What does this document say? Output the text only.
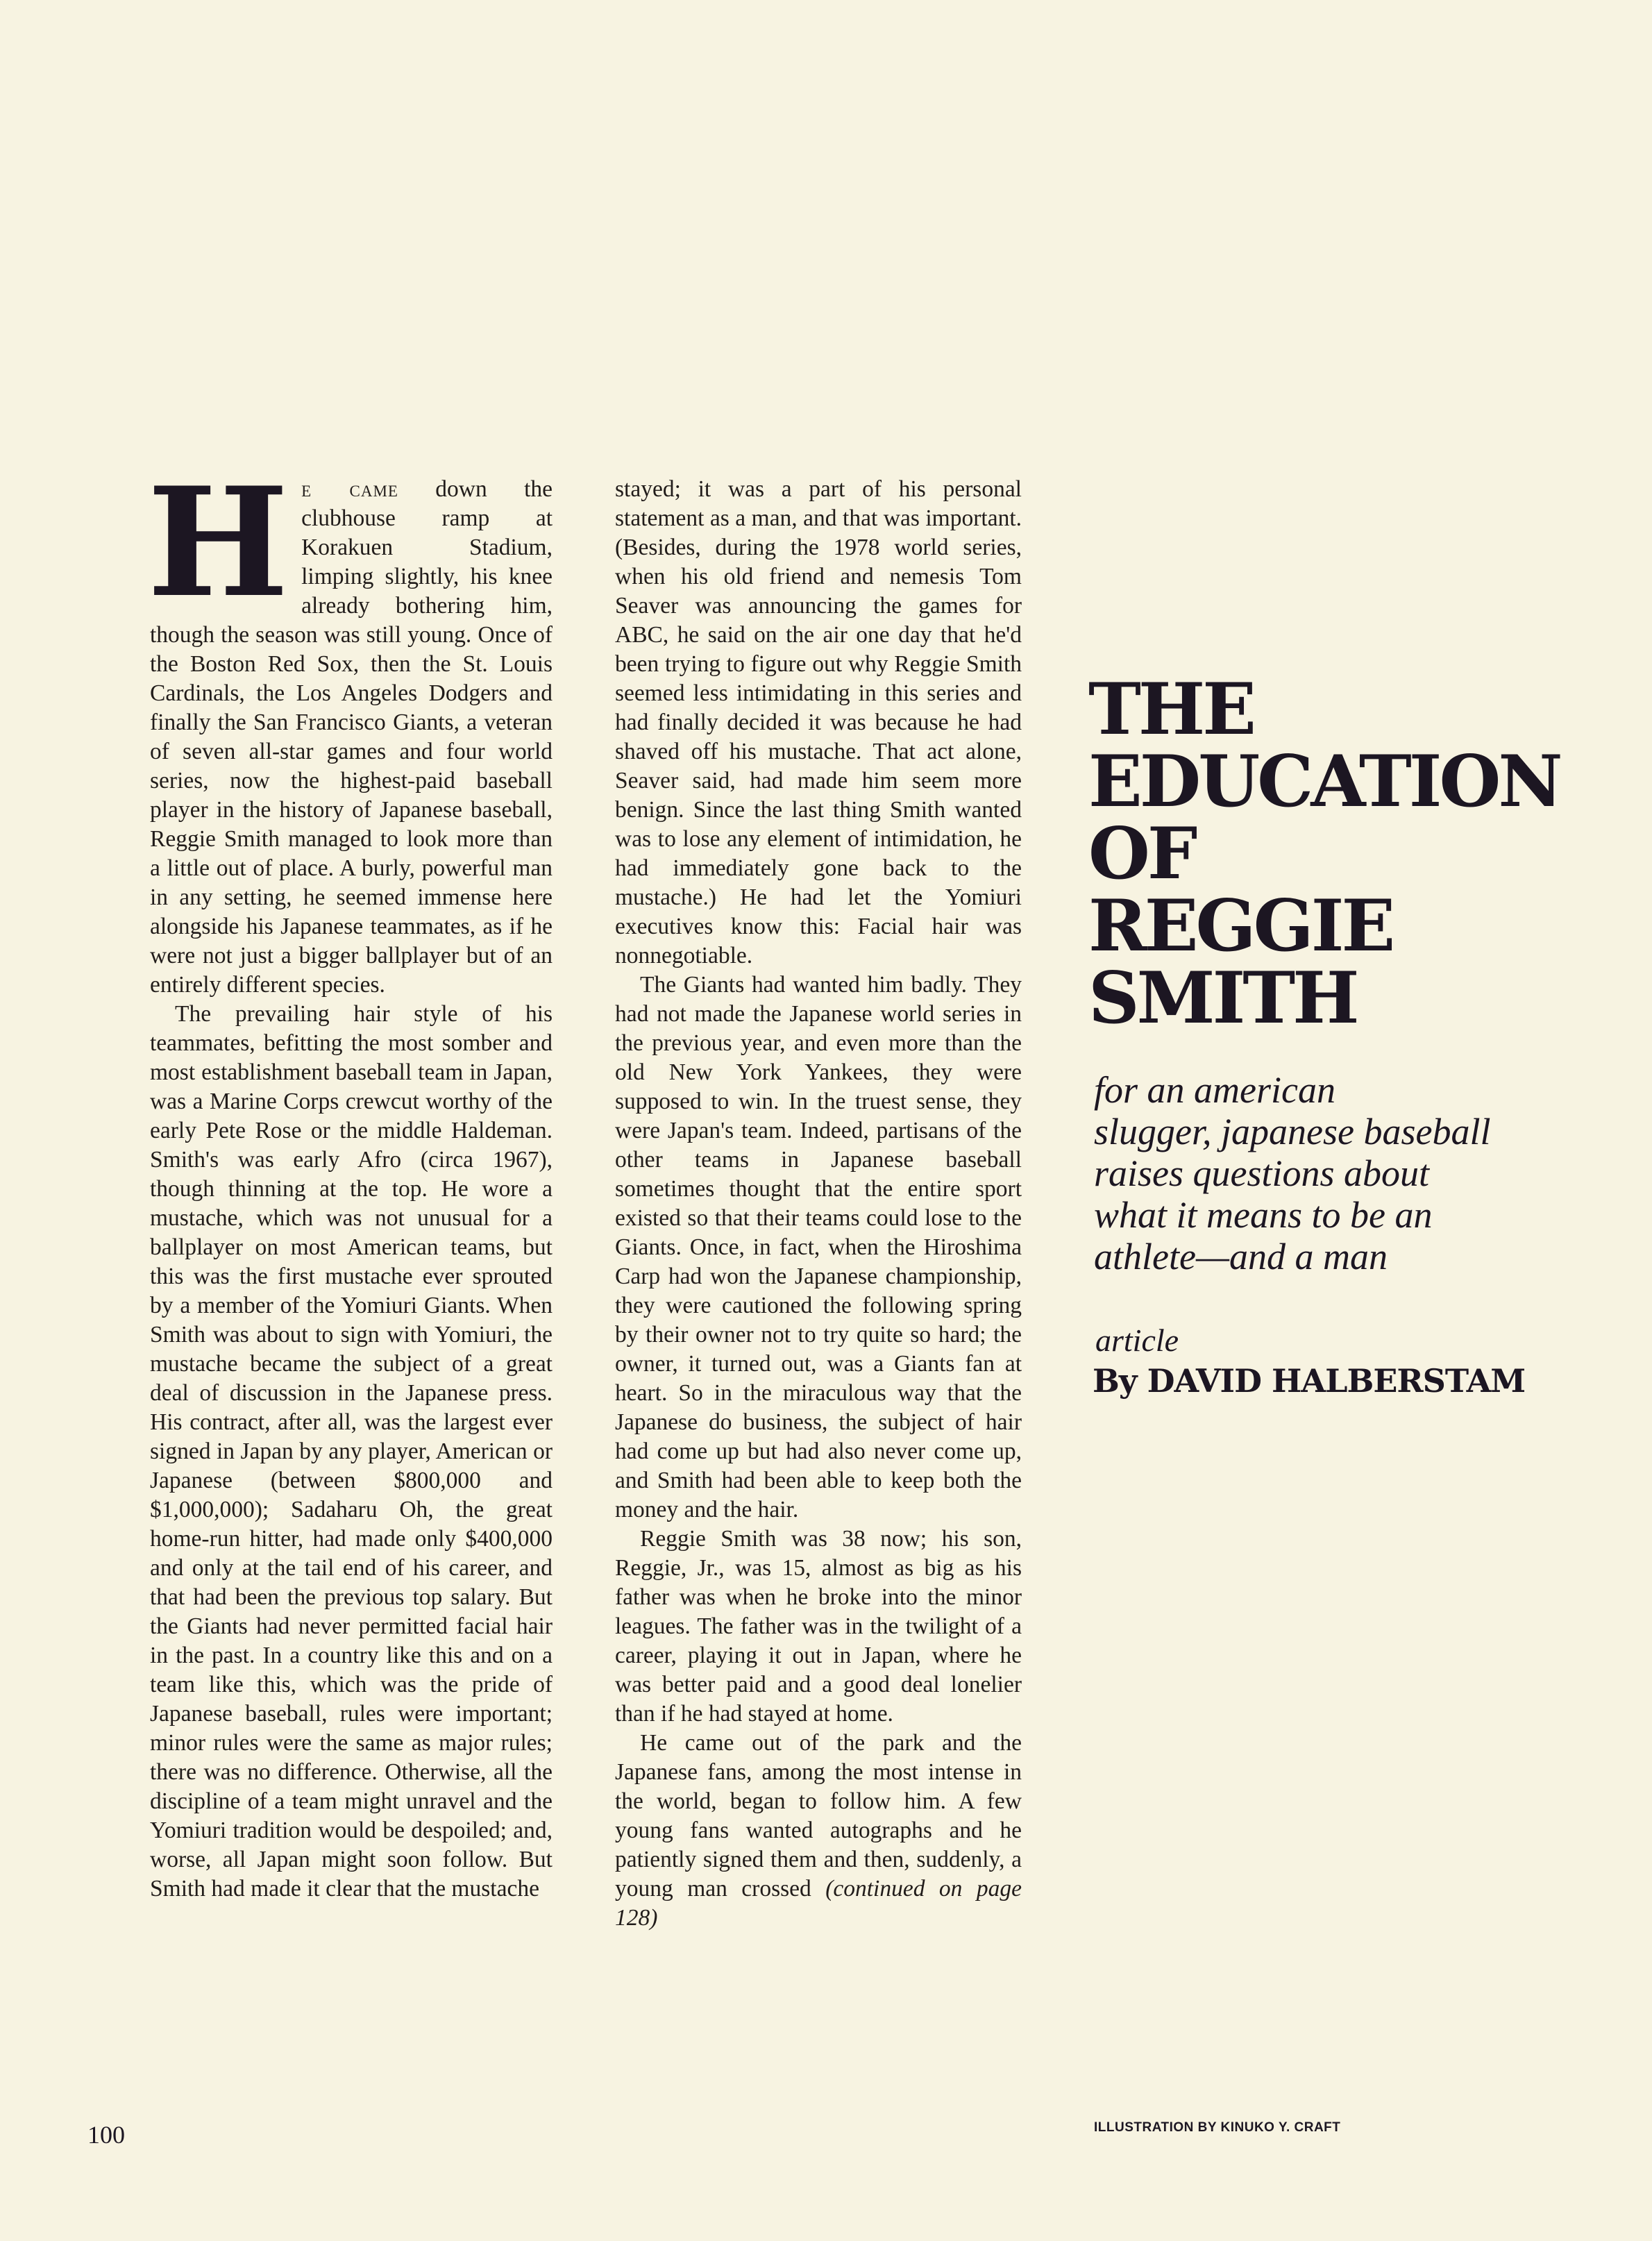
He came down the clubhouse ramp at Korakuen Stadium, limping slightly, his knee already bothering him, though the season was still young. Once of the Boston Red Sox, then the St. Louis Cardinals, the Los Angeles Dodgers and finally the San Francisco Giants, a veteran of seven all-star games and four world series, now the highest-paid baseball player in the history of Japanese baseball, Reggie Smith managed to look more than a little out of place. A burly, powerful man in any setting, he seemed immense here alongside his Japanese teammates, as if he were not just a bigger ballplayer but of an entirely different species.

The prevailing hair style of his teammates, befitting the most somber and most establishment baseball team in Japan, was a Marine Corps crewcut worthy of the early Pete Rose or the middle Haldeman. Smith's was early Afro (circa 1967), though thinning at the top. He wore a mustache, which was not unusual for a ballplayer on most American teams, but this was the first mustache ever sprouted by a member of the Yomiuri Giants. When Smith was about to sign with Yomiuri, the mustache became the subject of a great deal of discussion in the Japanese press. His contract, after all, was the largest ever signed in Japan by any player, American or Japanese (between $800,000 and $1,000,000); Sadaharu Oh, the great home-run hitter, had made only $400,000 and only at the tail end of his career, and that had been the previous top salary. But the Giants had never permitted facial hair in the past. In a country like this and on a team like this, which was the pride of Japanese baseball, rules were important; minor rules were the same as major rules; there was no difference. Otherwise, all the discipline of a team might unravel and the Yomiuri tradition would be despoiled; and, worse, all Japan might soon follow. But Smith had made it clear that the mustache

stayed; it was a part of his personal statement as a man, and that was important. (Besides, during the 1978 world series, when his old friend and nemesis Tom Seaver was announcing the games for ABC, he said on the air one day that he'd been trying to figure out why Reggie Smith seemed less intimidating in this series and had finally decided it was because he had shaved off his mustache. That act alone, Seaver said, had made him seem more benign. Since the last thing Smith wanted was to lose any element of intimidation, he had immediately gone back to the mustache.) He had let the Yomiuri executives know this: Facial hair was nonnegotiable.

The Giants had wanted him badly. They had not made the Japanese world series in the previous year, and even more than the old New York Yankees, they were supposed to win. In the truest sense, they were Japan's team. Indeed, partisans of the other teams in Japanese baseball sometimes thought that the entire sport existed so that their teams could lose to the Giants. Once, in fact, when the Hiroshima Carp had won the Japanese championship, they were cautioned the following spring by their owner not to try quite so hard; the owner, it turned out, was a Giants fan at heart. So in the miraculous way that the Japanese do business, the subject of hair had come up but had also never come up, and Smith had been able to keep both the money and the hair.

Reggie Smith was 38 now; his son, Reggie, Jr., was 15, almost as big as his father was when he broke into the minor leagues. The father was in the twilight of a career, playing it out in Japan, where he was better paid and a good deal lonelier than if he had stayed at home.

He came out of the park and the Japanese fans, among the most intense in the world, began to follow him. A few young fans wanted autographs and he patiently signed them and then, suddenly, a young man crossed (continued on page 128)

THE
EDUCATION
OF
REGGIE
SMITH

for an american
slugger, japanese baseball
raises questions about
what it means to be an
athlete—and a man

article
By DAVID HALBERSTAM
100	ILLUSTRATION BY KINUKO Y. CRAFT
